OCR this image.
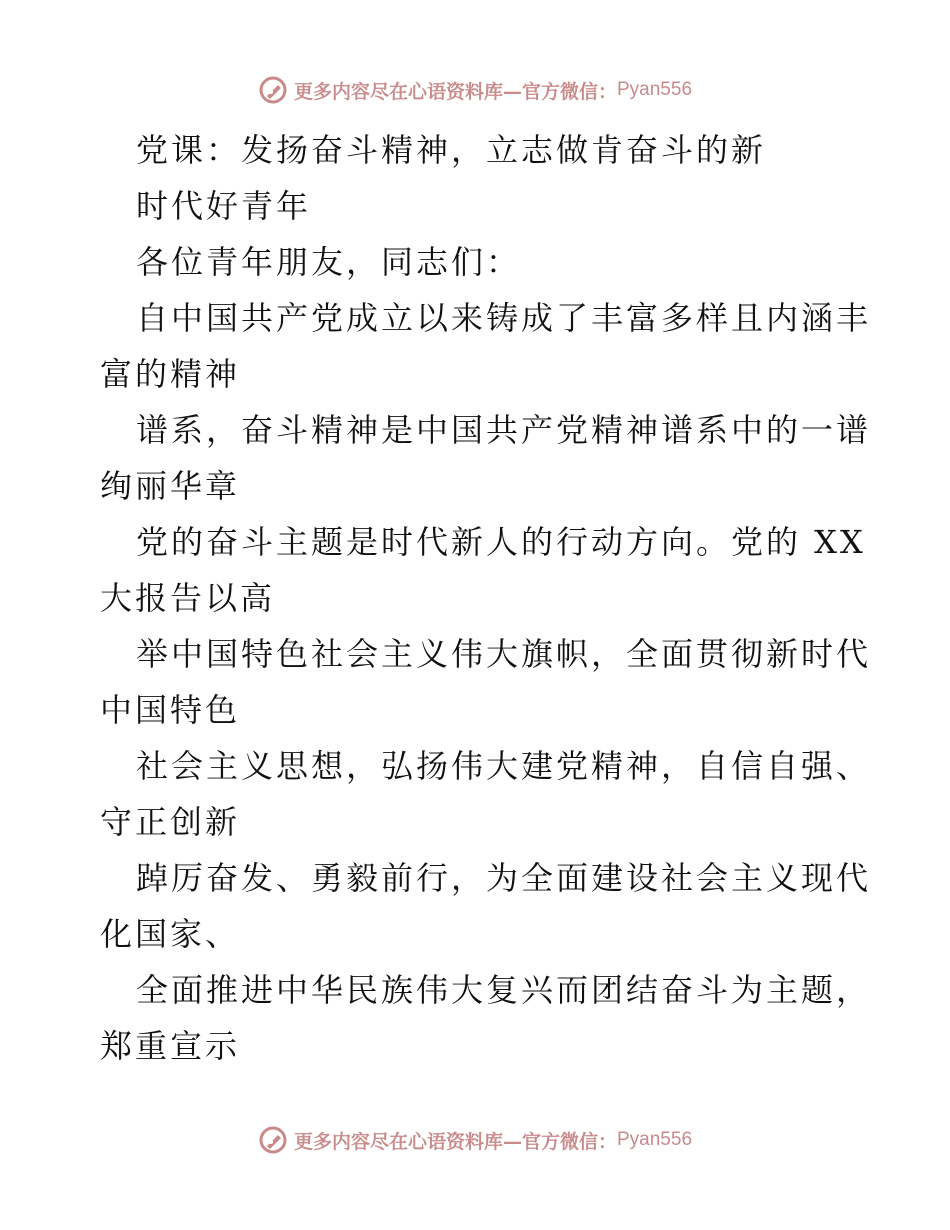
更多内容尽在心语资料库—官方微信： Pyan556
党课：发扬奋斗精神，立志做肯奋斗的新
时代好青年
各位青年朋友，同志们：
自中国共产党成立以来铸成了丰富多样且内涵丰
富的精神
谱系，奋斗精神是中国共产党精神谱系中的一谱
绚丽华章
党的奋斗主题是时代新人的行动方向。党的 XX
大报告以高
举中国特色社会主义伟大旗帜，全面贯彻新时代
中国特色
社会主义思想，弘扬伟大建党精神，自信自强、
守正创新
踔厉奋发、勇毅前行，为全面建设社会主义现代
化国家、
全面推进中华民族伟大复兴而团结奋斗为主题，
郑重宣示
更多内容尽在心语资料库—官方微信： Pyan556
